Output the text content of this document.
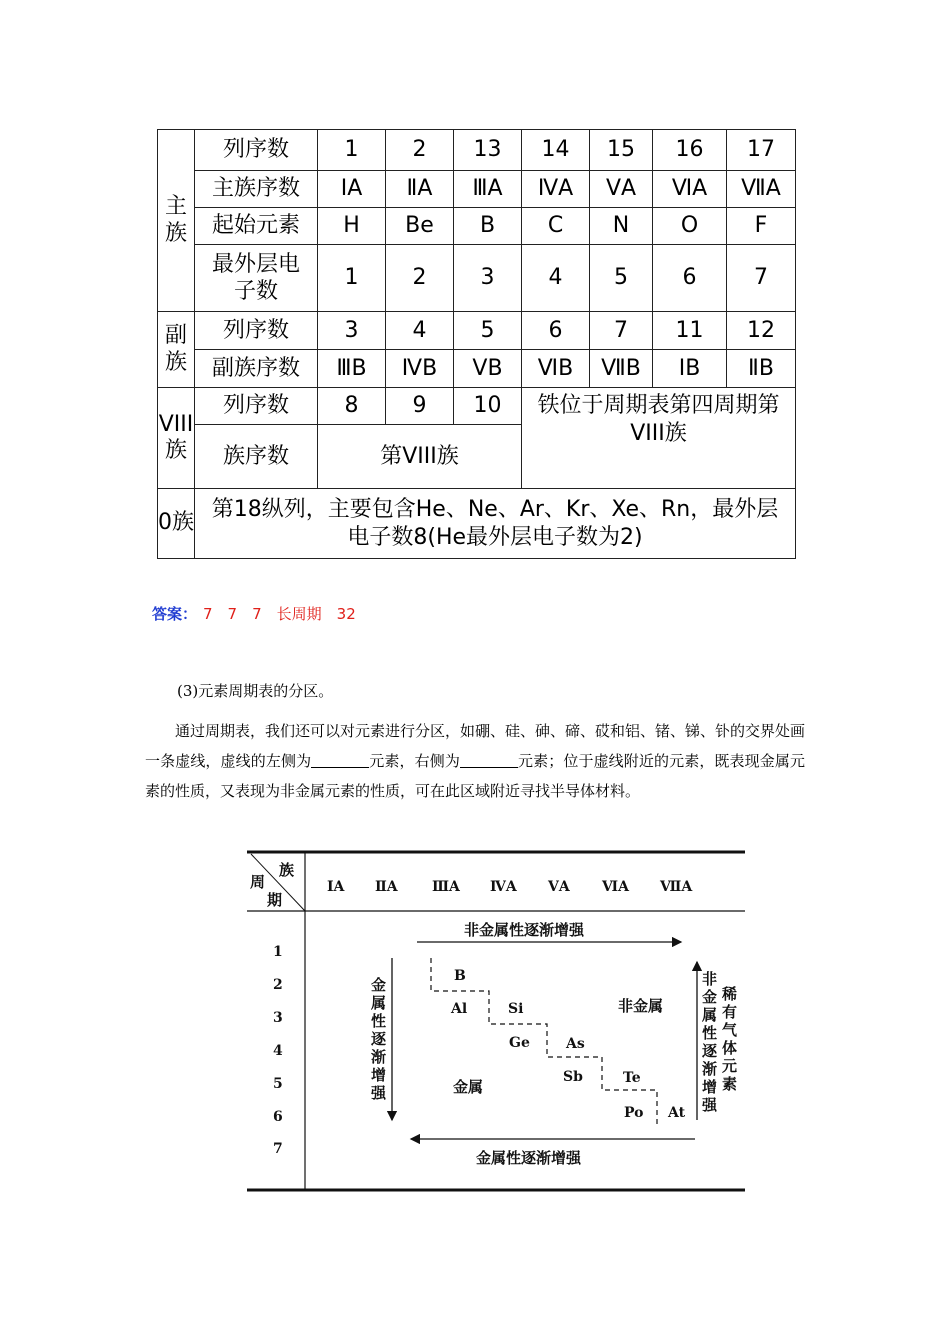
主族	列序数	1	2	13	14	15	16	17
	主族序数	ⅠA	ⅡA	ⅢA	ⅣA	ⅤA	ⅥA	ⅦA
	起始元素	H	Be	B	C	N	O	F
	最外层电子数	1	2	3	4	5	6	7
副族	列序数	3	4	5	6	7	11	12
	副族序数	ⅢB	ⅣB	ⅤB	ⅥB	ⅦB	ⅠB	ⅡB
VIII族	列序数	8	9	10	铁位于周期表第四周期第VIII族			
	族序数	第VIII族						
0族	第18纵列，主要包含He、Ne、Ar、Kr、Xe、Rn，最外层电子数8(He最外层电子数为2)							
答案： 7　7　7　长周期　32
(3)元素周期表的分区。
通过周期表，我们还可以对元素进行分区，如硼、硅、砷、碲、砹和铝、锗、锑、钋的交界处画一条虚线，虚线的左侧为	元素，右侧为	元素；位于虚线附近的元素，既表现金属元素的性质，又表现为非金属元素的性质，可在此区域附近寻找半导体材料。
族
周
期
ⅠA ⅡA ⅢA ⅣA ⅤA ⅥA ⅦA
1
2
3
4
5
6
7
非金属性逐渐增强
金属性逐渐增强
金属性逐渐增强
非金属性逐渐增强
稀有气体元素
B
Al	Si
Ge	As
Sb	Te
Po At
金属
非金属
